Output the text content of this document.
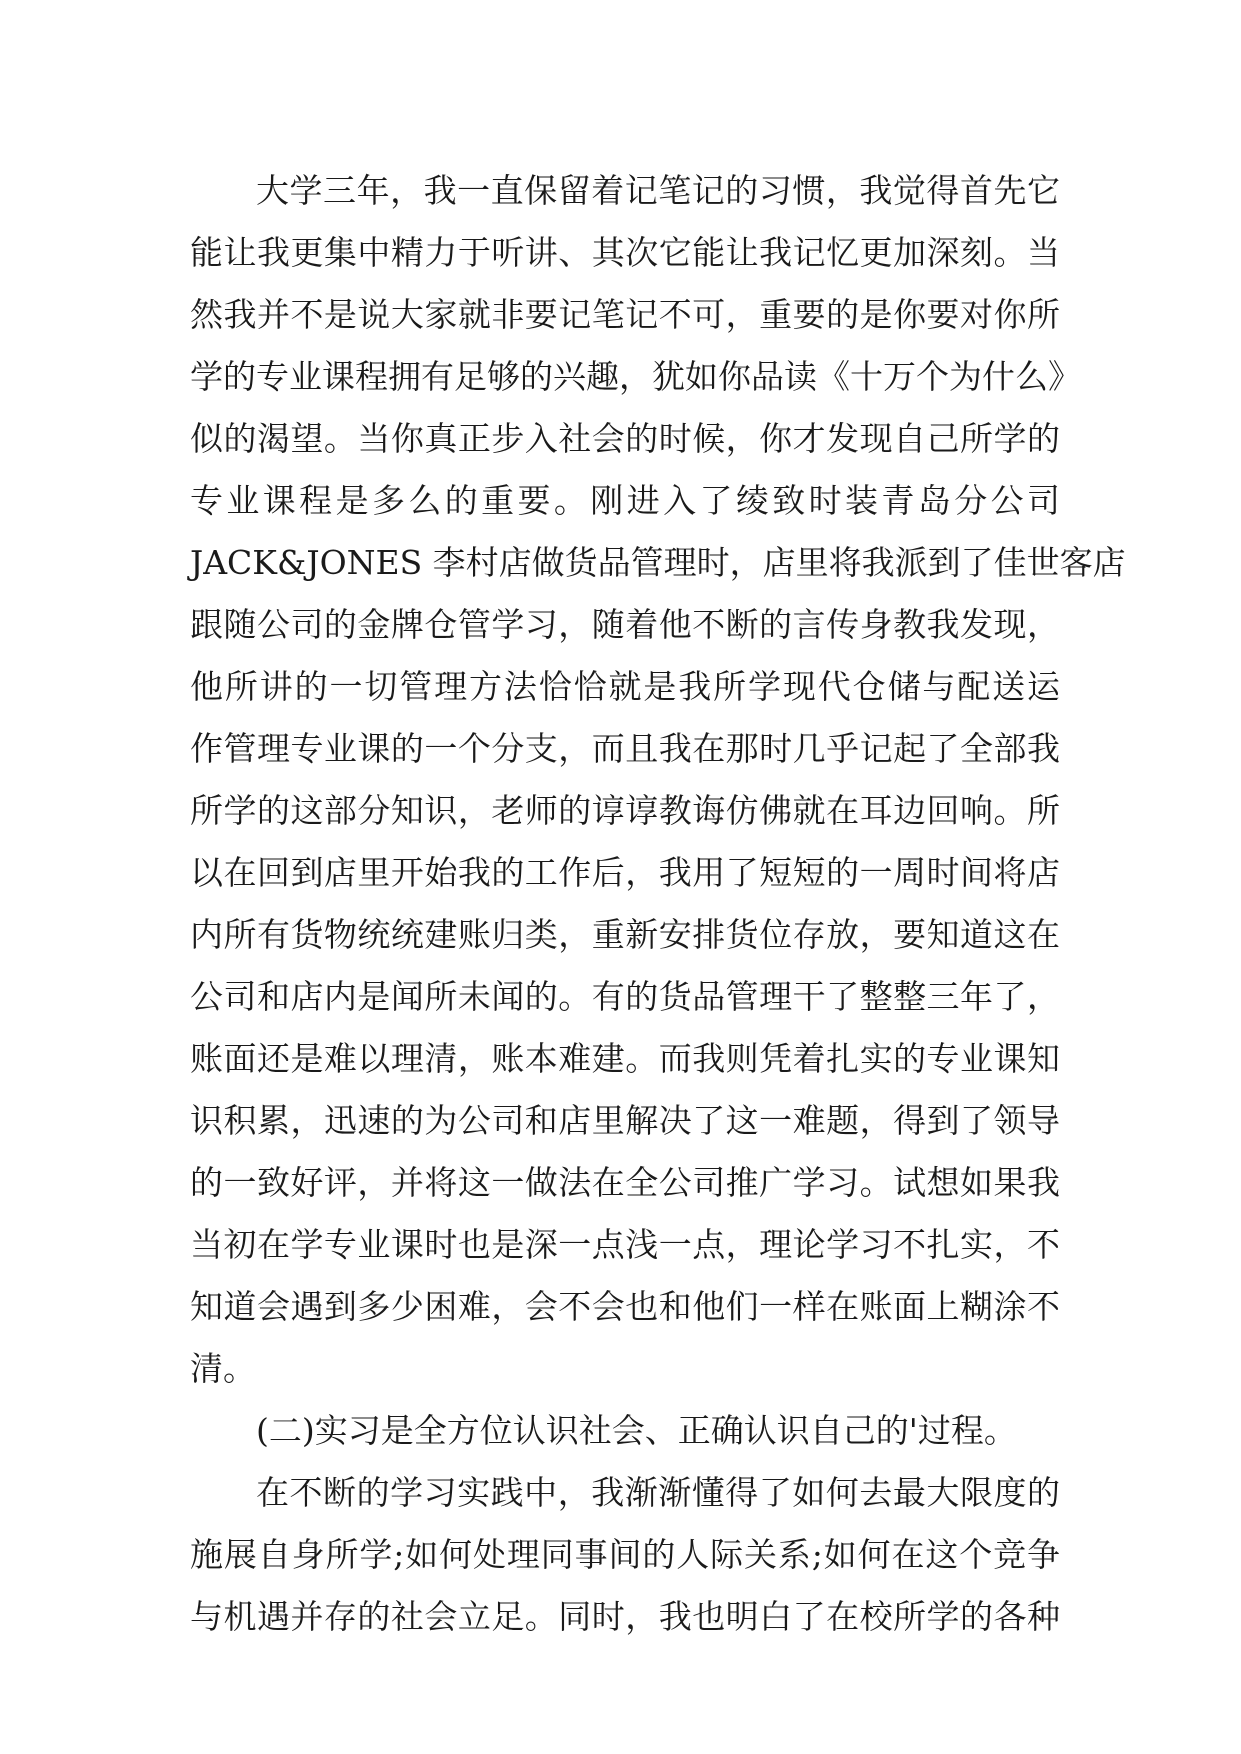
大学三年，我一直保留着记笔记的习惯，我觉得首先它
能让我更集中精力于听讲、其次它能让我记忆更加深刻。当
然我并不是说大家就非要记笔记不可，重要的是你要对你所
学的专业课程拥有足够的兴趣，犹如你品读《十万个为什么》
似的渴望。当你真正步入社会的时候，你才发现自己所学的
专业课程是多么的重要。刚进入了绫致时装青岛分公司
JACK&JONES 李村店做货品管理时，店里将我派到了佳世客店
跟随公司的金牌仓管学习，随着他不断的言传身教我发现，
他所讲的一切管理方法恰恰就是我所学现代仓储与配送运
作管理专业课的一个分支，而且我在那时几乎记起了全部我
所学的这部分知识，老师的谆谆教诲仿佛就在耳边回响。所
以在回到店里开始我的工作后，我用了短短的一周时间将店
内所有货物统统建账归类，重新安排货位存放，要知道这在
公司和店内是闻所未闻的。有的货品管理干了整整三年了，
账面还是难以理清，账本难建。而我则凭着扎实的专业课知
识积累，迅速的为公司和店里解决了这一难题，得到了领导
的一致好评，并将这一做法在全公司推广学习。试想如果我
当初在学专业课时也是深一点浅一点，理论学习不扎实，不
知道会遇到多少困难，会不会也和他们一样在账面上糊涂不
清。
(二)实习是全方位认识社会、正确认识自己的'过程。
在不断的学习实践中，我渐渐懂得了如何去最大限度的
施展自身所学;如何处理同事间的人际关系;如何在这个竞争
与机遇并存的社会立足。同时，我也明白了在校所学的各种
